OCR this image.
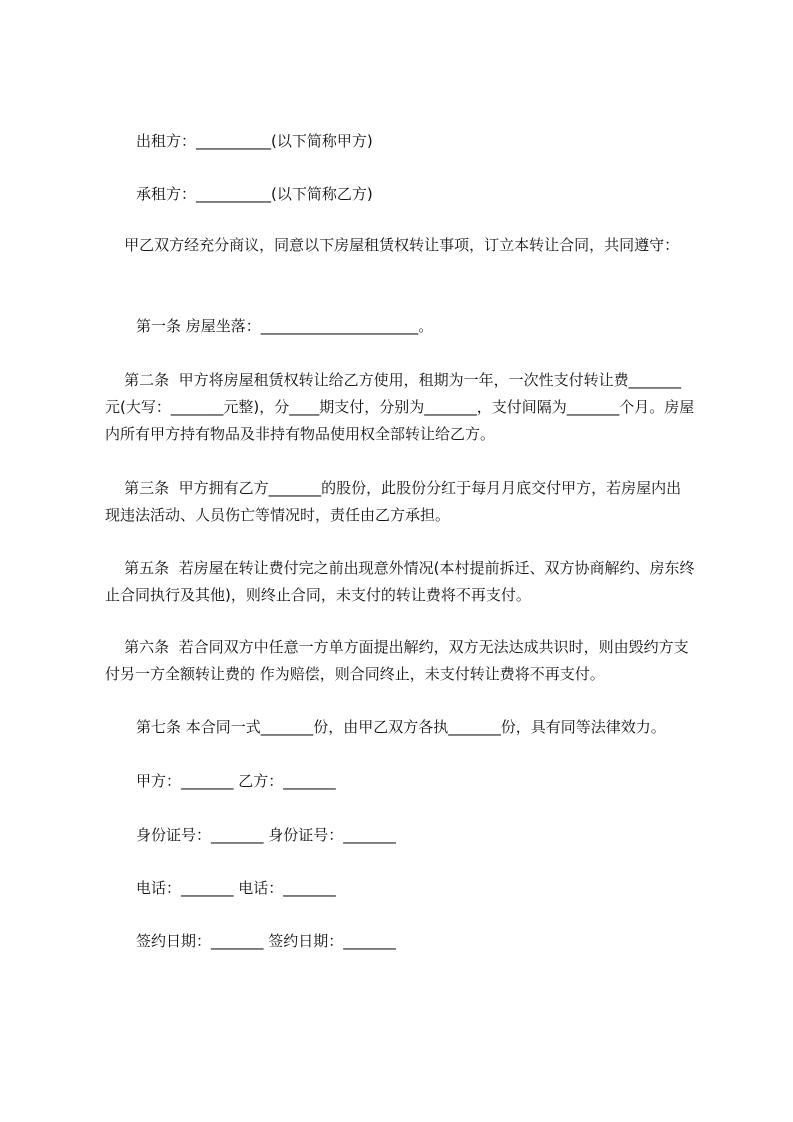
出租方：__________(以下简称甲方)

承租方：__________(以下简称乙方)

甲乙双方经充分商议，同意以下房屋租赁权转让事项，订立本转让合同，共同遵守：

第一条 房屋坐落：_____________________。

第二条  甲方将房屋租赁权转让给乙方使用，租期为一年，一次性支付转让费_______元(大写：_______元整)，分____期支付，分别为_______，支付间隔为_______个月。房屋内所有甲方持有物品及非持有物品使用权全部转让给乙方。

第三条  甲方拥有乙方_______的股份，此股份分红于每月月底交付甲方，若房屋内出现违法活动、人员伤亡等情况时，责任由乙方承担。

第五条  若房屋在转让费付完之前出现意外情况(本村提前拆迁、双方协商解约、房东终止合同执行及其他)，则终止合同，未支付的转让费将不再支付。

第六条  若合同双方中任意一方单方面提出解约，双方无法达成共识时，则由毁约方支付另一方全额转让费的 作为赔偿，则合同终止，未支付转让费将不再支付。

第七条 本合同一式_______份，由甲乙双方各执_______份，具有同等法律效力。

甲方：_______ 乙方：_______

身份证号：_______ 身份证号：_______

电话：_______ 电话：_______

签约日期：_______ 签约日期：_______
